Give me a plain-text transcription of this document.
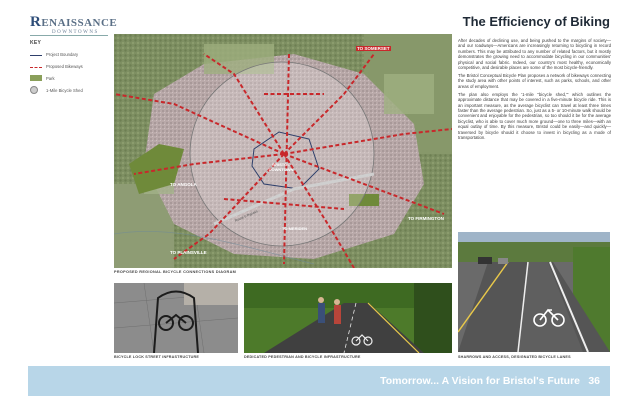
RENAISSANCE
DOWNTOWNS
KEY
Project Boundary
Proposed Bikeways
Park
1-Mile Bicycle Shed
TO SOMERSET
TO ANGOLA
TO FIRMINGTON
TO PLAINSVILLE
BRISTOL DOWNTOWN
TO MERIDEN
Route 6 Bypass
PROPOSED REGIONAL BICYCLE CONNECTIONS DIAGRAM
The Efficiency of Biking

After decades of declining use, and being pushed to the margins of society—and our roadways—Americans are increasingly returning to bicycling in record numbers. This may be attributed to any number of related factors, but it mostly demonstrates the growing need to accommodate bicycling in our communities' physical and social fabric. Indeed, our country's most healthy, economically competitive, and desirable places are some of the most bicycle-friendly.

The Bristol Conceptual Bicycle Plan proposes a network of bikeways connecting the study area with other points of interest, such as parks, schools, and other areas of employment.

The plan also employs the '1-mile "bicycle shed,"' which outlines the approximate distance that may be covered in a five-minute bicycle ride. This is an important measure, as the average bicyclist can travel at least three times faster than the average pedestrian. So, just as a 5- or 10-minute walk should be convenient and enjoyable for the pedestrian, so too should it be for the average bicyclist, who is able to cover much more ground—one to three miles—with an equal outlay of time. By this measure, Bristol could be easily—and quickly—traversed by bicycle should it choose to invest in bicycling as a mode of transportation.

SHARROWS AND ACCESS, DESIGNATED BICYCLE LANES
BICYCLE LOCK STREET INFRASTRUCTURE	DEDICATED PEDESTRIAN AND BICYCLE INFRASTRUCTURE
Tomorrow... A Vision for Bristol's Future 36
